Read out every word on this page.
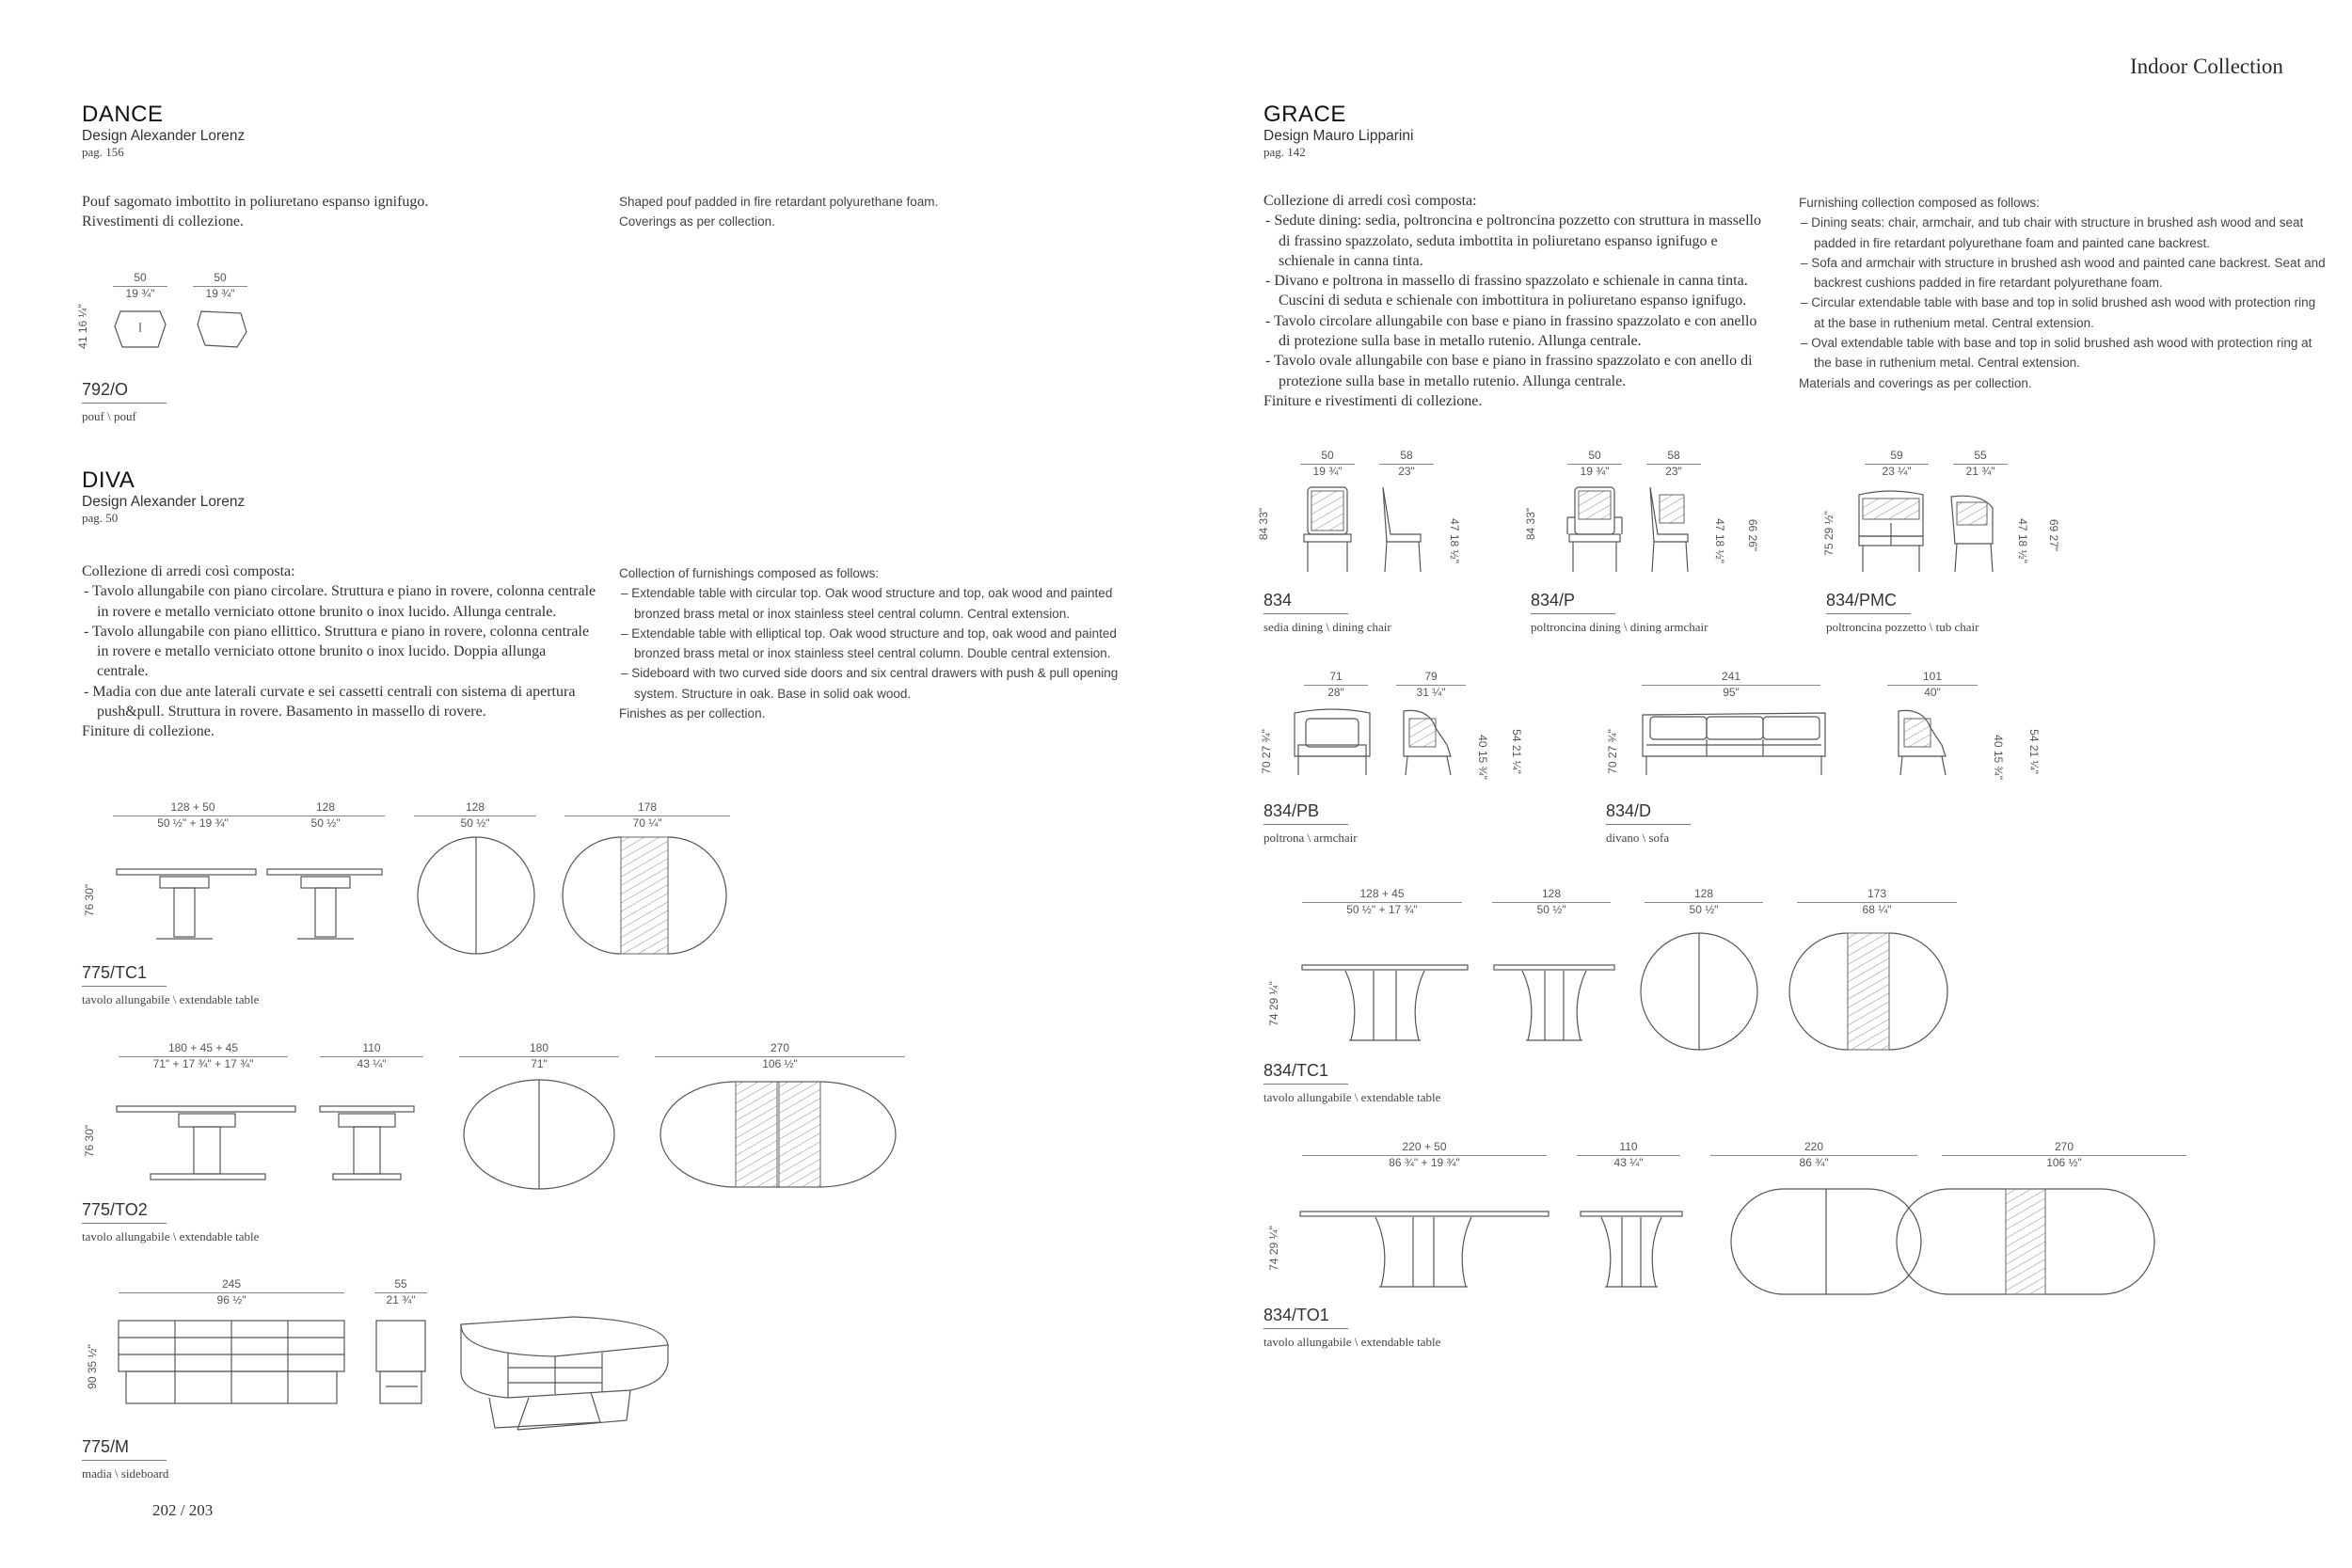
Indoor Collection
DANCE
Design Alexander Lorenz
pag. 156
Pouf sagomato imbottito in poliuretano espanso ignifugo.
Rivestimenti di collezione.
Shaped pouf padded in fire retardant polyurethane foam.
Coverings as per collection.
50
19 ¾"
50
19 ¾"
41 16 ¼"
792/O
pouf \ pouf
DIVA
Design Alexander Lorenz
pag. 50
Collezione di arredi così composta:
- Tavolo allungabile con piano circolare. Struttura e piano in rovere, colonna centrale in rovere e metallo verniciato ottone brunito o inox lucido. Allunga centrale.
- Tavolo allungabile con piano ellittico. Struttura e piano in rovere, colonna centrale in rovere e metallo verniciato ottone brunito o inox lucido. Doppia allunga centrale.
- Madia con due ante laterali curvate e sei cassetti centrali con sistema di apertura push&pull. Struttura in rovere. Basamento in massello di rovere.
Finiture di collezione.
Collection of furnishings composed as follows:
– Extendable table with circular top. Oak wood structure and top, oak wood and painted bronzed brass metal or inox stainless steel central column. Central extension.
– Extendable table with elliptical top. Oak wood structure and top, oak wood and painted bronzed brass metal or inox stainless steel central column. Double central extension.
– Sideboard with two curved side doors and six central drawers with push & pull opening system. Structure in oak. Base in solid oak wood.
Finishes as per collection.
128 + 50
50 ½" + 19 ¾"
128
50 ½"
128
50 ½"
178
70 ¼"
76 30"
775/TC1
tavolo allungabile \ extendable table
180 + 45 + 45
71" + 17 ¾" + 17 ¾"
110
43 ¼"
180
71"
270
106 ½"
76 30"
775/TO2
tavolo allungabile \ extendable table
245
96 ½"
55
21 ¾"
90 35 ½"
775/M
madia \ sideboard
202 / 203
GRACE
Design Mauro Lipparini
pag. 142
Collezione di arredi così composta:
- Sedute dining: sedia, poltroncina e poltroncina pozzetto con struttura in massello di frassino spazzolato, seduta imbottita in poliuretano espanso ignifugo e schienale in canna tinta.
- Divano e poltrona in massello di frassino spazzolato e schienale in canna tinta. Cuscini di seduta e schienale con imbottitura in poliuretano espanso ignifugo.
- Tavolo circolare allungabile con base e piano in frassino spazzolato e con anello di protezione sulla base in metallo rutenio. Allunga centrale.
- Tavolo ovale allungabile con base e piano in frassino spazzolato e con anello di protezione sulla base in metallo rutenio. Allunga centrale.
Finiture e rivestimenti di collezione.
Furnishing collection composed as follows:
– Dining seats: chair, armchair, and tub chair with structure in brushed ash wood and seat padded in fire retardant polyurethane foam and painted cane backrest.
– Sofa and armchair with structure in brushed ash wood and painted cane backrest. Seat and backrest cushions padded in fire retardant polyurethane foam.
– Circular extendable table with base and top in solid brushed ash wood with protection ring at the base in ruthenium metal. Central extension.
– Oval extendable table with base and top in solid brushed ash wood with protection ring at the base in ruthenium metal. Central extension.
Materials and coverings as per collection.
50
19 ¾"
58
23"
84 33"
47 18 ½"
834
sedia dining \ dining chair
50
19 ¾"
58
23"
84 33"
47 18 ½"
66 26"
834/P
poltroncina dining \ dining armchair
59
23 ¼"
55
21 ¾"
75 29 ½"	47 18 ½"
69 27"
834/PMC
poltroncina pozzetto \ tub chair
71
28"
79
31 ¼"
70 27 ¾"	40 15 ¾"
54 21 ¼"
834/PB
poltrona \ armchair
241
95"
101
40"
70 27 ¾"	40 15 ¾"
54 21 ¼"
834/D
divano \ sofa
128 + 45
50 ½" + 17 ¾"
128
50 ½"
128
50 ½"
173
68 ¼"
74 29 ¼"
834/TC1
tavolo allungabile \ extendable table
220 + 50
86 ¾" + 19 ¾"
110
43 ¼"
220
86 ¾"
270
106 ½"
74 29 ¼"
834/TO1
tavolo allungabile \ extendable table
